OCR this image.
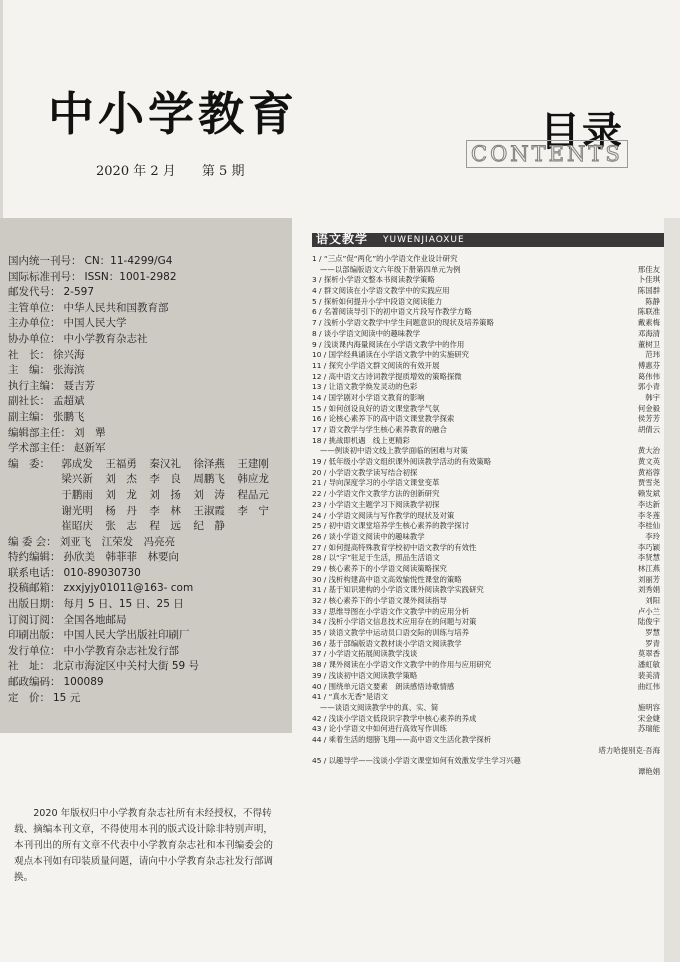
中小学教育
2020 年 2 月 第 5 期
目录
CONTENTS
国内统一刊号： CN：11-4299/G4
国际标准刊号： ISSN：1001-2982
邮发代号： 2-597
主管单位： 中华人民共和国教育部
主办单位： 中国人民大学
协办单位： 中小学教育杂志社
社　长： 徐兴海
主　编： 张海滨
执行主编： 聂吉芳
副社长： 孟超斌
副主编： 张鹏飞
编辑部主任： 刘　犟
学术部主任： 赵新军
编　委： 郭成发 王福勇 秦汉礼 徐泽燕 王建刚
梁兴新 刘　杰 李　良 周鹏飞 韩应龙
于鹏雨 刘　龙 刘　扬 刘　涛 程品元
谢光明 杨　丹 李　林 王淑霞 李　宁
崔昭庆 张　志 程　远 纪　静
编 委 会： 刘亚飞　江荣发　冯亮亮
特约编辑： 孙欣美　韩菲菲　林要向
联系电话： 010-89030730
投稿邮箱： zxxjyjy01011@163- com
出版日期： 每月 5 日、15 日、25 日
订阅订阅： 全国各地邮局
印刷出版： 中国人民大学出版社印刷厂
发行单位： 中小学教育杂志社发行部
社　址： 北京市海淀区中关村大街 59 号
邮政编码： 100089
定　价： 15 元
2020 年版权归中小学教育杂志社所有未经授权，不得转载、摘编本刊文章，不得使用本刊的版式设计除非特别声明，本刊刊出的所有文章不代表中小学教育杂志社和本刊编委会的观点本刊如有印装质量问题，请向中小学教育杂志社发行部调换。
语文教学 YUWENJIAOXUE
1 / “三点”促“两化”的小学语文作业设计研究
——以部编版语文六年级下册第四单元为例	邢佳友
3 / 探析小学语文整本书阅读教学策略	卜佳琪
4 / 群文阅读在小学语文教学中的实践应用	陈国群
5 / 探析如何提升小学中段语文阅读能力	陈静
6 / 名著阅读导引下的初中语文片段写作教学方略	陈联准
7 / 浅析小学语文教学中学生问题意识的现状及培养策略	戴素梅
8 / 谈小学语文阅读中的趣味教学	邓海清
9 / 浅谈课内海量阅读在小学语文教学中的作用	董树卫
10 / 国学经典诵读在小学语文教学中的实施研究	范玮
11 / 探究小学语文群文阅读的有效开展	傅惠芬
12 / 高中语文古诗词教学提质增效的策略探微	葛伟伟
13 / 让语文教学焕发灵动的色彩	郭小青
14 / 国学剧对小学语文教育的影响	韩宇
15 / 如何创设良好的语文课堂教学气氛	何金毅
16 / 论核心素养下的高中语文课堂教学探索	侯芳芳
17 / 语文教学与学生核心素养教育的融合	胡倩云
18 / 挑战即机遇　线上更精彩
——例谈初中语文线上教学面临的困难与对策	黄大治
19 / 低年级小学语文组织课外阅读教学活动的有效策略	黄文英
20 / 小学语文教学读写结合初探	黄裕蓉
21 / 导向深度学习的小学语文课堂变革	贾雪尧
22 / 小学语文作文教学方法的创新研究	赖发斌
23 / 小学语文主题学习下阅读教学初探	李达新
24 / 小学语文阅读与写作教学的现状及对策	李冬莲
25 / 初中语文课堂培养学生核心素养的教学探讨	李桂仙
26 / 谈小学语文阅读中的趣味教学	李玲
27 / 如何提高特殊教育学校初中语文教学的有效性	李巧颖
28 / 以“字”驻足于生活，照品生活语文	李贤慧
29 / 核心素养下的小学语文阅读策略探究	林江燕
30 / 浅析构建高中语文高效愉悦性课堂的策略	刘丽芳
31 / 基于知识建构的小学语文课外阅读教学实践研究	刘秀娟
32 / 核心素养下的小学语文课外阅读指导	刘阳
33 / 思维导图在小学语文作文教学中的应用分析	卢小兰
34 / 浅析小学语文信息技术应用存在的问题与对策	陆俊宇
35 / 谈语文教学中运动员口语交际的训练与培养	罗慧
36 / 基于部编版语文教材谈小学语文阅读教学	罗青
37 / 小学语文拓展阅读教学浅谈	莫翠香
38 / 课外阅读在小学语文作文教学中的作用与应用研究	潘虹敏
39 / 浅谈初中语文阅读教学策略	裴美清
40 / 围绕单元语文要素　朗读感悟诗歌情感	曲红伟
41 / “真水无香”是语文
——谈语文阅读教学中的真、实、简	施明容
42 / 浅谈小学语文低段识字教学中核心素养的养成	宋金婕
43 / 论小学语文中如何进行高效写作训练	苏瑞能
44 / 乘着生活的翅膀飞翔——高中语文生活化教学探析
塔力哈提别克·吾海
45 / 以趣导学——浅谈小学语文课堂如何有效激发学生学习兴趣
谭艳娟
